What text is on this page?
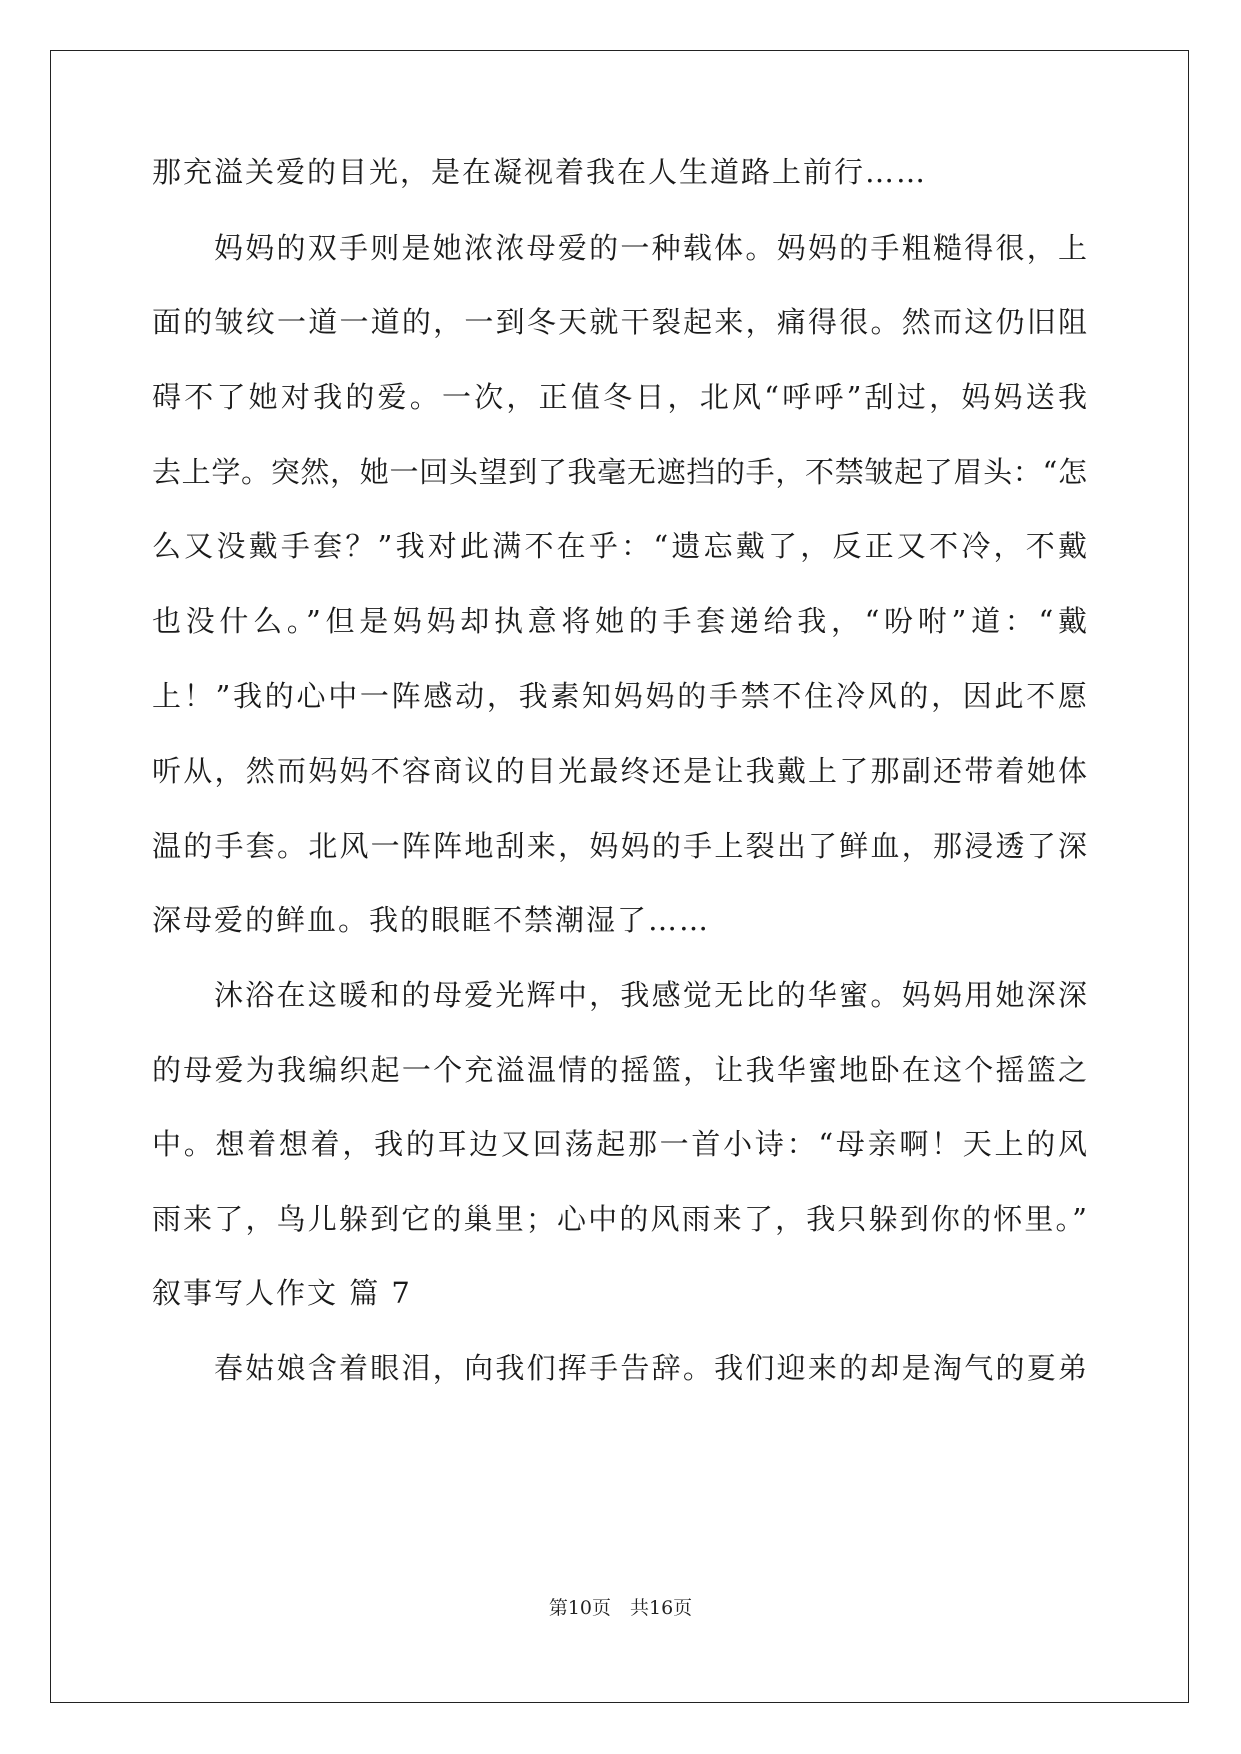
那充溢关爱的目光，是在凝视着我在人生道路上前行……
妈妈的双手则是她浓浓母爱的一种载体。妈妈的手粗糙得很，上
面的皱纹一道一道的，一到冬天就干裂起来，痛得很。然而这仍旧阻
碍不了她对我的爱。一次，正值冬日，北风“呼呼”刮过，妈妈送我
去上学。突然，她一回头望到了我毫无遮挡的手，不禁皱起了眉头：“怎
么又没戴手套？”我对此满不在乎：“遗忘戴了，反正又不冷，不戴
也没什么。”但是妈妈却执意将她的手套递给我，“吩咐”道：“戴
上！”我的心中一阵感动，我素知妈妈的手禁不住冷风的，因此不愿
听从，然而妈妈不容商议的目光最终还是让我戴上了那副还带着她体
温的手套。北风一阵阵地刮来，妈妈的手上裂出了鲜血，那浸透了深
深母爱的鲜血。我的眼眶不禁潮湿了……
沐浴在这暖和的母爱光辉中，我感觉无比的华蜜。妈妈用她深深
的母爱为我编织起一个充溢温情的摇篮，让我华蜜地卧在这个摇篮之
中。想着想着，我的耳边又回荡起那一首小诗：“母亲啊！天上的风
雨来了，鸟儿躲到它的巢里；心中的风雨来了，我只躲到你的怀里。”
叙事写人作文 篇 7
春姑娘含着眼泪，向我们挥手告辞。我们迎来的却是淘气的夏弟
第10页　共16页
